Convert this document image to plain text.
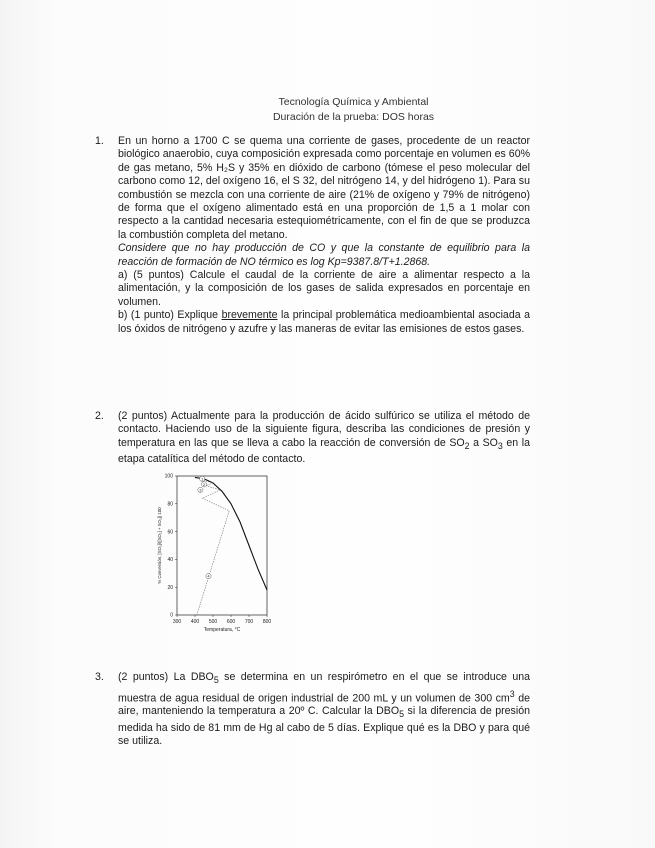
Tecnología Química y Ambiental
Duración de la prueba: DOS horas
1. En un horno a 1700 C se quema una corriente de gases, procedente de un reactor biológico anaerobio, cuya composición expresada como porcentaje en volumen es 60% de gas metano, 5% H₂S y 35% en dióxido de carbono (tómese el peso molecular del carbono como 12, del oxígeno 16, el S 32, del nitrógeno 14, y del hidrógeno 1). Para su combustión se mezcla con una corriente de aire (21% de oxígeno y 79% de nitrógeno) de forma que el oxígeno alimentado está en una proporción de 1,5 a 1 molar con respecto a la cantidad necesaria estequiométricamente, con el fin de que se produzca la combustión completa del metano.

Considere que no hay producción de CO y que la constante de equilibrio para la reacción de formación de NO térmico es log Kp=9387.8/T+1.2868.

a) (5 puntos) Calcule el caudal de la corriente de aire a alimentar respecto a la alimentación, y la composición de los gases de salida expresados en porcentaje en volumen.

b) (1 punto) Explique brevemente la principal problemática medioambiental asociada a los óxidos de nitrógeno y azufre y las maneras de evitar las emisiones de estos gases.

2. (2 puntos) Actualmente para la producción de ácido sulfúrico se utiliza el método de contacto. Haciendo uso de la siguiente figura, describa las condiciones de presión y temperatura en las que se lleva a cabo la reacción de conversión de $SO_2$ a $SO_3$ en la etapa catalítica del método de contacto.

300 400 500 600 700 800
0
20
40
60
80
100	1
2
3
4
Temperatura, °C
% Conversión, [SO₃]/([SO₂] + SO₃]) 100
3. (2 puntos) La $DBO_5$ se determina en un respirómetro en el que se introduce una muestra de agua residual de origen industrial de 200 mL y un volumen de 300 $cm^3$ de aire, manteniendo la temperatura a 20º C. Calcular la $DBO_5$ si la diferencia de presión medida ha sido de 81 mm de Hg al cabo de 5 días. Explique qué es la DBO y para qué se utiliza.
